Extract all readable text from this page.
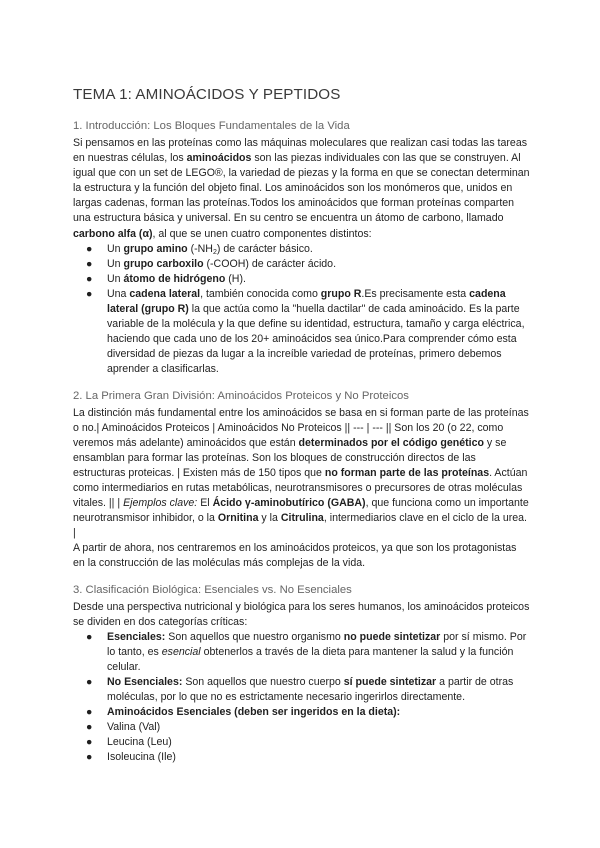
TEMA 1: AMINOÁCIDOS Y PEPTIDOS
1. Introducción: Los Bloques Fundamentales de la Vida

Si pensamos en las proteínas como las máquinas moleculares que realizan casi todas las tareas en nuestras células, los aminoácidos son las piezas individuales con las que se construyen. Al igual que con un set de LEGO®, la variedad de piezas y la forma en que se conectan determinan la estructura y la función del objeto final. Los aminoácidos son los monómeros que, unidos en largas cadenas, forman las proteínas.Todos los aminoácidos que forman proteínas comparten una estructura básica y universal. En su centro se encuentra un átomo de carbono, llamado carbono alfa (α), al que se unen cuatro componentes distintos:

● Un grupo amino $(-NH_2)$ de carácter básico.
● Un grupo carboxilo (-COOH) de carácter ácido.
● Un átomo de hidrógeno (H).
● Una cadena lateral, también conocida como grupo R.Es precisamente esta cadena lateral (grupo R) la que actúa como la "huella dactilar" de cada aminoácido. Es la parte variable de la molécula y la que define su identidad, estructura, tamaño y carga eléctrica, haciendo que cada uno de los 20+ aminoácidos sea único.Para comprender cómo esta diversidad de piezas da lugar a la increíble variedad de proteínas, primero debemos aprender a clasificarlas.
2. La Primera Gran División: Aminoácidos Proteicos y No Proteicos

La distinción más fundamental entre los aminoácidos se basa en si forman parte de las proteínas o no.| Aminoácidos Proteicos | Aminoácidos No Proteicos || --- | --- || Son los 20 (o 22, como veremos más adelante) aminoácidos que están determinados por el código genético y se ensamblan para formar las proteínas. Son los bloques de construcción directos de las estructuras proteicas. | Existen más de 150 tipos que no forman parte de las proteínas. Actúan como intermediarios en rutas metabólicas, neurotransmisores o precursores de otras moléculas vitales. || | Ejemplos clave: El Ácido γ-aminobutírico (GABA), que funciona como un importante neurotransmisor inhibidor, o la Ornitina y la Citrulina, intermediarios clave en el ciclo de la urea. |

A partir de ahora, nos centraremos en los aminoácidos proteicos, ya que son los protagonistas en la construcción de las moléculas más complejas de la vida.

3. Clasificación Biológica: Esenciales vs. No Esenciales

Desde una perspectiva nutricional y biológica para los seres humanos, los aminoácidos proteicos se dividen en dos categorías críticas:

● Esenciales: Son aquellos que nuestro organismo no puede sintetizar por sí mismo. Por lo tanto, es esencial obtenerlos a través de la dieta para mantener la salud y la función celular.
● No Esenciales: Son aquellos que nuestro cuerpo sí puede sintetizar a partir de otras moléculas, por lo que no es estrictamente necesario ingerirlos directamente.
● Aminoácidos Esenciales (deben ser ingeridos en la dieta):
● Valina (Val)
● Leucina (Leu)
● Isoleucina (Ile)
